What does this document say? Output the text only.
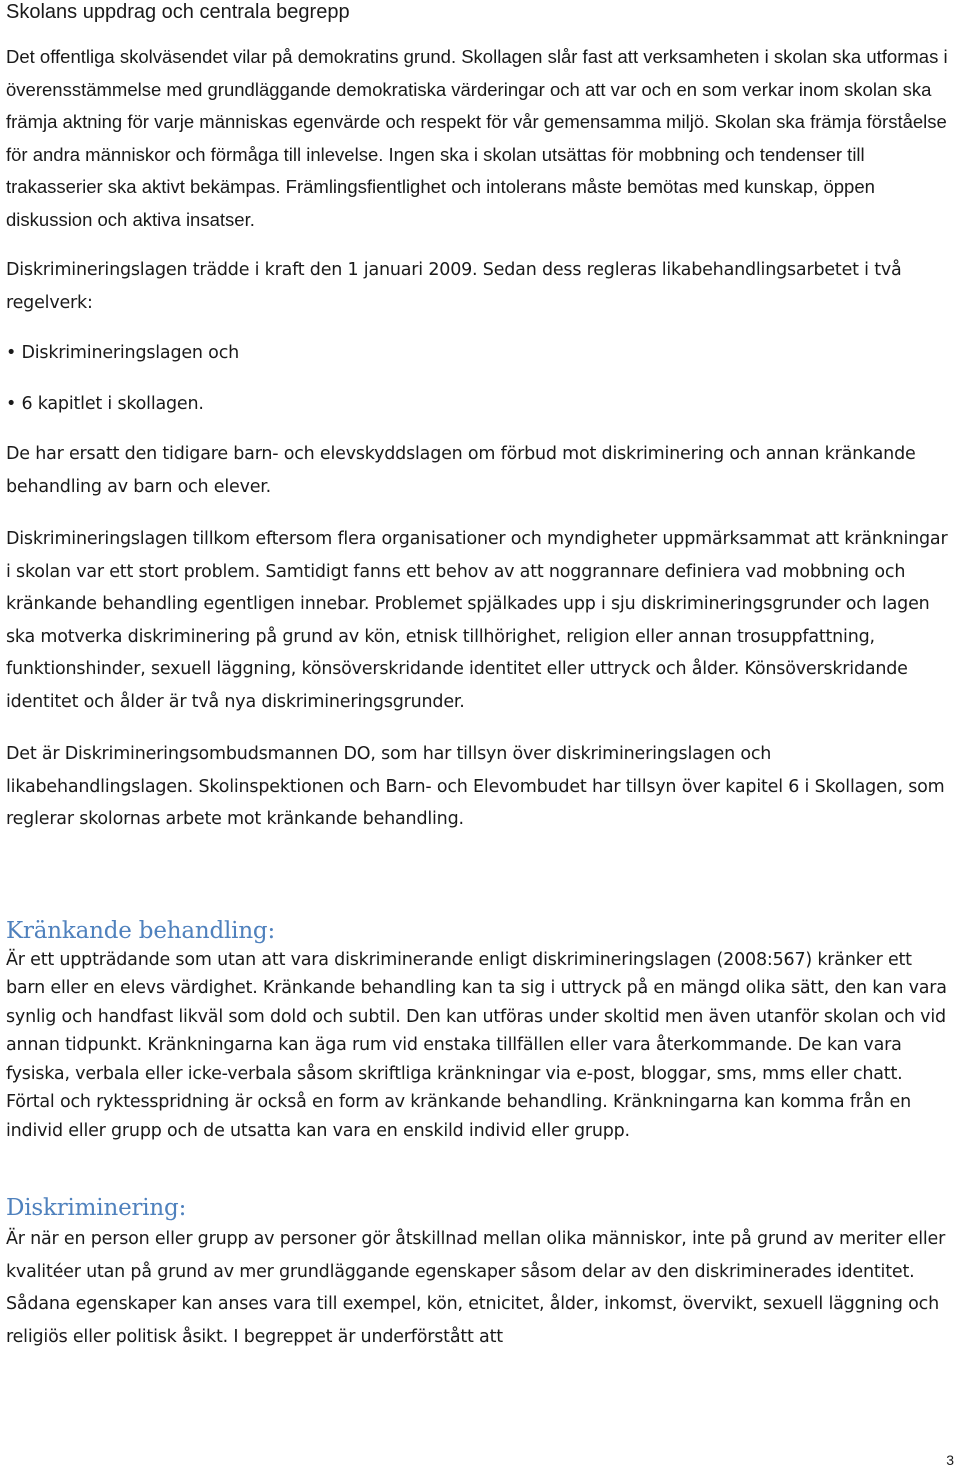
Skolans uppdrag och centrala begrepp

Det offentliga skolväsendet vilar på demokratins grund. Skollagen slår fast att verksamheten i skolan ska utformas i överensstämmelse med grundläggande demokratiska värderingar och att var och en som verkar inom skolan ska främja aktning för varje människas egenvärde och respekt för vår gemensamma miljö. Skolan ska främja förståelse för andra människor och förmåga till inlevelse. Ingen ska i skolan utsättas för mobbning och tendenser till trakasserier ska aktivt bekämpas. Främlingsfientlighet och intolerans måste bemötas med kunskap, öppen diskussion och aktiva insatser.

Diskrimineringslagen trädde i kraft den 1 januari 2009. Sedan dess regleras likabehandlingsarbetet i två regelverk:

• Diskrimineringslagen och

• 6 kapitlet i skollagen.

De har ersatt den tidigare barn- och elevskyddslagen om förbud mot diskriminering och annan kränkande behandling av barn och elever.

Diskrimineringslagen tillkom eftersom flera organisationer och myndigheter uppmärksammat att kränkningar i skolan var ett stort problem. Samtidigt fanns ett behov av att noggrannare definiera vad mobbning och kränkande behandling egentligen innebar. Problemet spjälkades upp i sju diskrimineringsgrunder och lagen ska motverka diskriminering på grund av kön, etnisk tillhörighet, religion eller annan trosuppfattning, funktionshinder, sexuell läggning, könsöverskridande identitet eller uttryck och ålder. Könsöverskridande identitet och ålder är två nya diskrimineringsgrunder.

Det är Diskrimineringsombudsmannen DO, som har tillsyn över diskrimineringslagen och likabehandlingslagen. Skolinspektionen och Barn- och Elevombudet har tillsyn över kapitel 6 i Skollagen, som reglerar skolornas arbete mot kränkande behandling.

Kränkande behandling:

Är ett uppträdande som utan att vara diskriminerande enligt diskrimineringslagen (2008:567) kränker ett barn eller en elevs värdighet. Kränkande behandling kan ta sig i uttryck på en mängd olika sätt, den kan vara synlig och handfast likväl som dold och subtil. Den kan utföras under skoltid men även utanför skolan och vid annan tidpunkt. Kränkningarna kan äga rum vid enstaka tillfällen eller vara återkommande. De kan vara fysiska, verbala eller icke-verbala såsom skriftliga kränkningar via e-post, bloggar, sms, mms eller chatt. Förtal och ryktesspridning är också en form av kränkande behandling. Kränkningarna kan komma från en individ eller grupp och de utsatta kan vara en enskild individ eller grupp.

Diskriminering:

Är när en person eller grupp av personer gör åtskillnad mellan olika människor, inte på grund av meriter eller kvalitéer utan på grund av mer grundläggande egenskaper såsom delar av den diskriminerades identitet. Sådana egenskaper kan anses vara till exempel, kön, etnicitet, ålder, inkomst, övervikt, sexuell läggning och religiös eller politisk åsikt. I begreppet är underförstått att

3
